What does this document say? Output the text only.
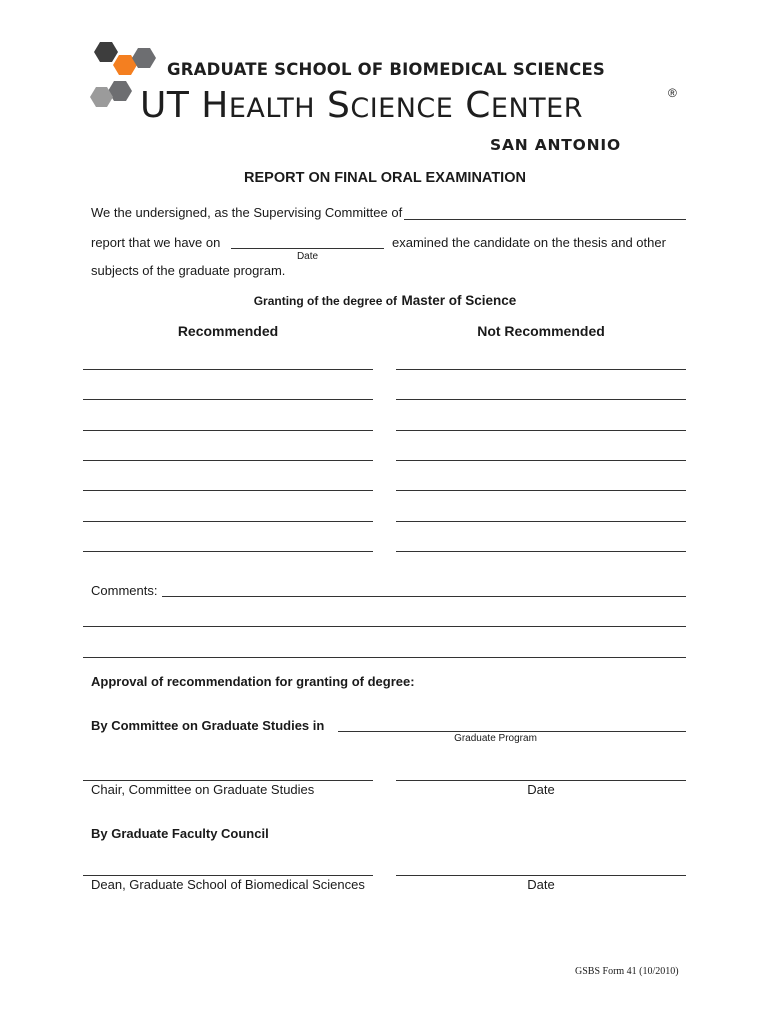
GRADUATE SCHOOL OF BIOMEDICAL SCIENCES
UT HEALTH SCIENCE CENTER	®
SAN ANTONIO
REPORT ON FINAL ORAL EXAMINATION
We the undersigned, as the Supervising Committee of
report that we have on	examined the candidate on the thesis and other
Date
subjects of the graduate program.
Granting of the degree of Master of Science
Recommended	Not Recommended
Comments:
Approval of recommendation for granting of degree:
By Committee on Graduate Studies in
Graduate Program
Chair, Committee on Graduate Studies	Date
By Graduate Faculty Council
Dean, Graduate School of Biomedical Sciences	Date
GSBS Form 41 (10/2010)
